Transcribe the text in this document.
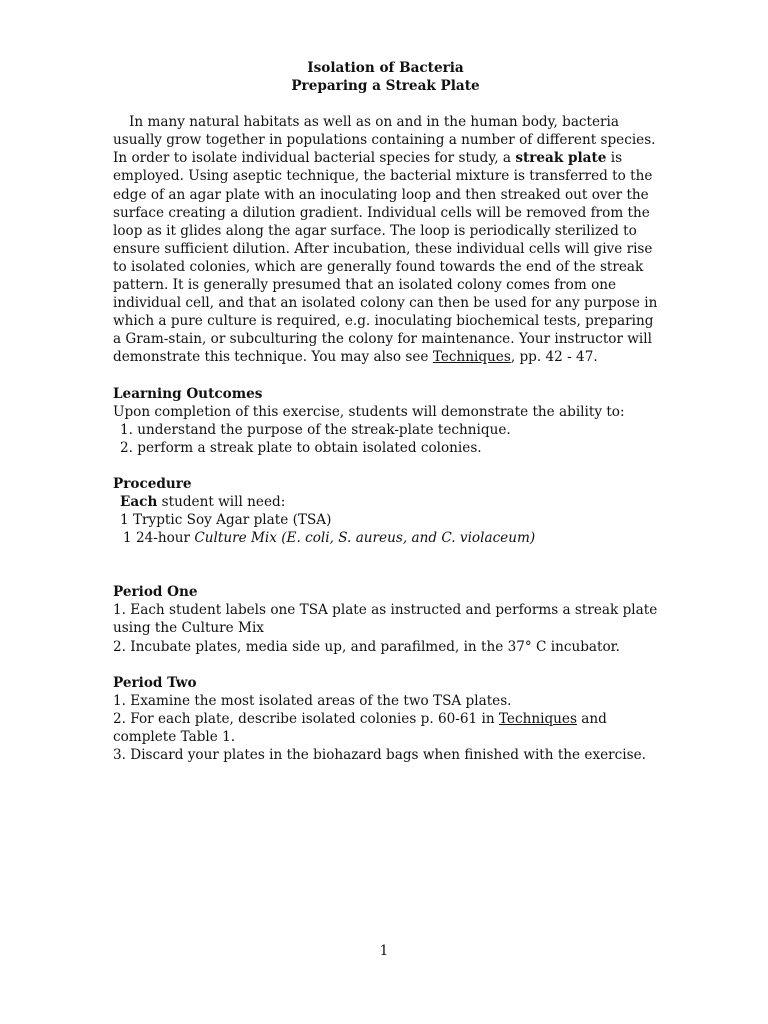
Isolation of Bacteria
Preparing a Streak Plate

In many natural habitats as well as on and in the human body, bacteria usually grow together in populations containing a number of different species. In order to isolate individual bacterial species for study, a streak plate is employed. Using aseptic technique, the bacterial mixture is transferred to the edge of an agar plate with an inoculating loop and then streaked out over the surface creating a dilution gradient. Individual cells will be removed from the loop as it glides along the agar surface. The loop is periodically sterilized to ensure sufficient dilution. After incubation, these individual cells will give rise to isolated colonies, which are generally found towards the end of the streak pattern. It is generally presumed that an isolated colony comes from one individual cell, and that an isolated colony can then be used for any purpose in which a pure culture is required, e.g. inoculating biochemical tests, preparing a Gram-stain, or subculturing the colony for maintenance. Your instructor will demonstrate this technique. You may also see Techniques, pp. 42 - 47.

Learning Outcomes

Upon completion of this exercise, students will demonstrate the ability to:

1. understand the purpose of the streak-plate technique.

2. perform a streak plate to obtain isolated colonies.

Procedure

Each student will need:

1 Tryptic Soy Agar plate (TSA)

1 24-hour Culture Mix (E. coli, S. aureus, and C. violaceum)

Period One

1. Each student labels one TSA plate as instructed and performs a streak plate using the Culture Mix

2. Incubate plates, media side up, and parafilmed, in the 37° C incubator.

Period Two

1. Examine the most isolated areas of the two TSA plates.

2. For each plate, describe isolated colonies p. 60-61 in Techniques and complete Table 1.

3. Discard your plates in the biohazard bags when finished with the exercise.

1
